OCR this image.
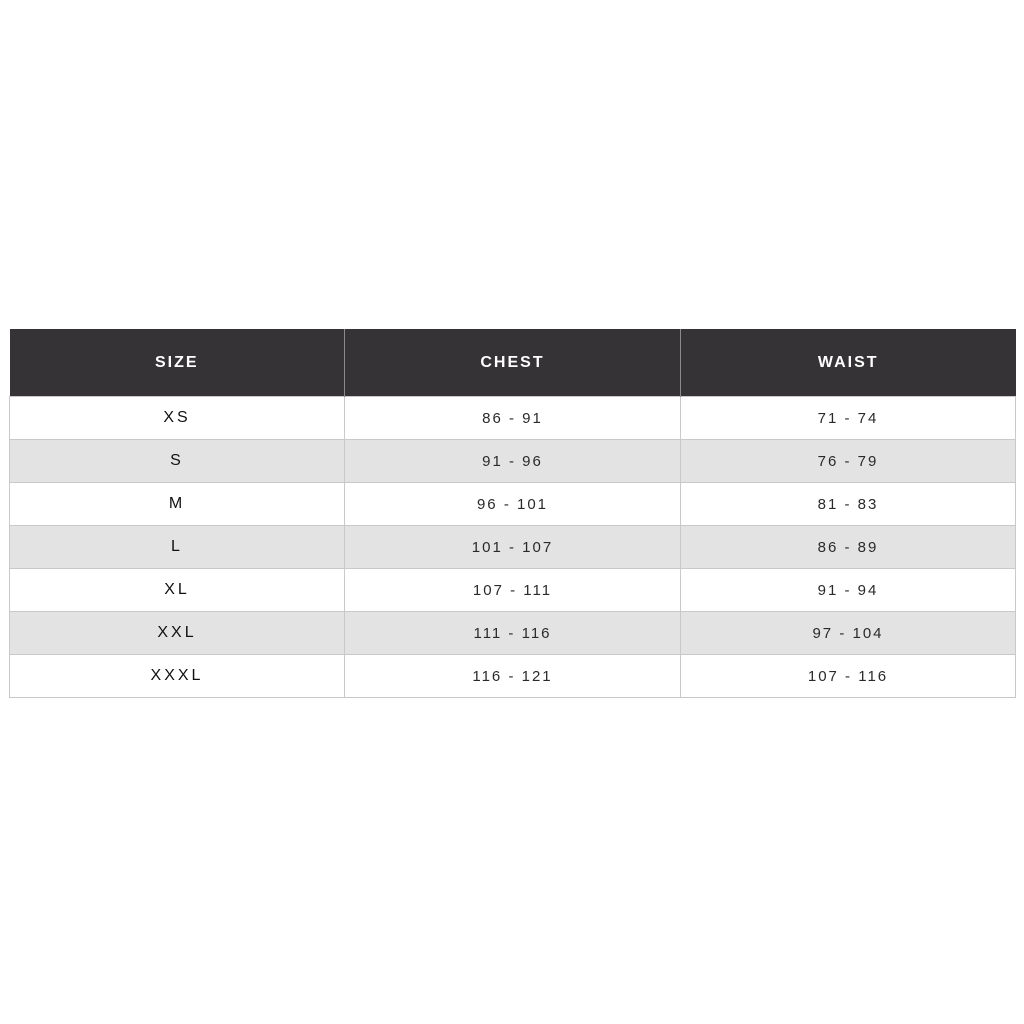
SIZE	CHEST	WAIST
XS	86 - 91	71 - 74
S	91 - 96	76 - 79
M	96 - 101	81 - 83
L	101 - 107	86 - 89
XL	107 - 111	91 - 94
XXL	111 - 116	97 - 104
XXXL	116 - 121	107 - 116
